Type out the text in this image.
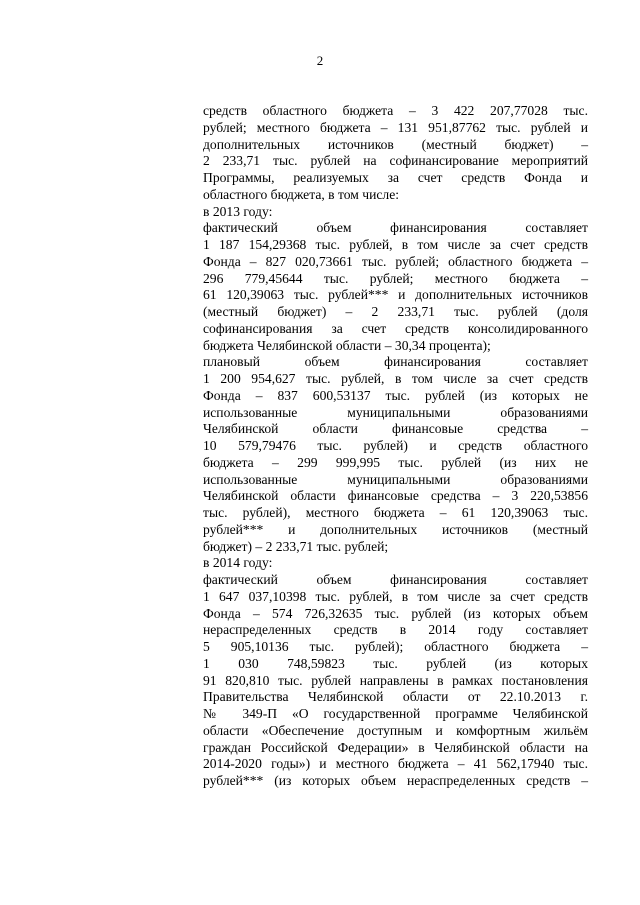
2
средств областного бюджета – 3 422 207,77028 тыс.
рублей; местного бюджета – 131 951,87762 тыс. рублей и
дополнительных источников (местный бюджет) –
2 233,71 тыс. рублей на софинансирование мероприятий
Программы, реализуемых за счет средств Фонда и
областного бюджета, в том числе:
в 2013 году:
фактический объем финансирования составляет
1 187 154,29368 тыс. рублей, в том числе за счет средств
Фонда – 827 020,73661 тыс. рублей; областного бюджета –
296 779,45644 тыс. рублей; местного бюджета –
61 120,39063 тыс. рублей*** и дополнительных источников
(местный бюджет) – 2 233,71 тыс. рублей (доля
софинансирования за счет средств консолидированного
бюджета Челябинской области – 30,34 процента);
плановый объем финансирования составляет
1 200 954,627 тыс. рублей, в том числе за счет средств
Фонда – 837 600,53137 тыс. рублей (из которых не
использованные муниципальными образованиями
Челябинской области финансовые средства –
10 579,79476 тыс. рублей) и средств областного
бюджета – 299 999,995 тыс. рублей (из них не
использованные муниципальными образованиями
Челябинской области финансовые средства – 3 220,53856
тыс. рублей), местного бюджета – 61 120,39063 тыс.
рублей*** и дополнительных источников (местный
бюджет) – 2 233,71 тыс. рублей;
в 2014 году:
фактический объем финансирования составляет
1 647 037,10398 тыс. рублей, в том числе за счет средств
Фонда – 574 726,32635 тыс. рублей (из которых объем
нераспределенных средств в 2014 году составляет
5 905,10136 тыс. рублей); областного бюджета –
1 030 748,59823 тыс. рублей (из которых
91 820,810 тыс. рублей направлены в рамках постановления
Правительства Челябинской области от 22.10.2013 г.
№ 349-П «О государственной программе Челябинской
области «Обеспечение доступным и комфортным жильём
граждан Российской Федерации» в Челябинской области на
2014-2020 годы») и местного бюджета – 41 562,17940 тыс.
рублей*** (из которых объем нераспределенных средств –
